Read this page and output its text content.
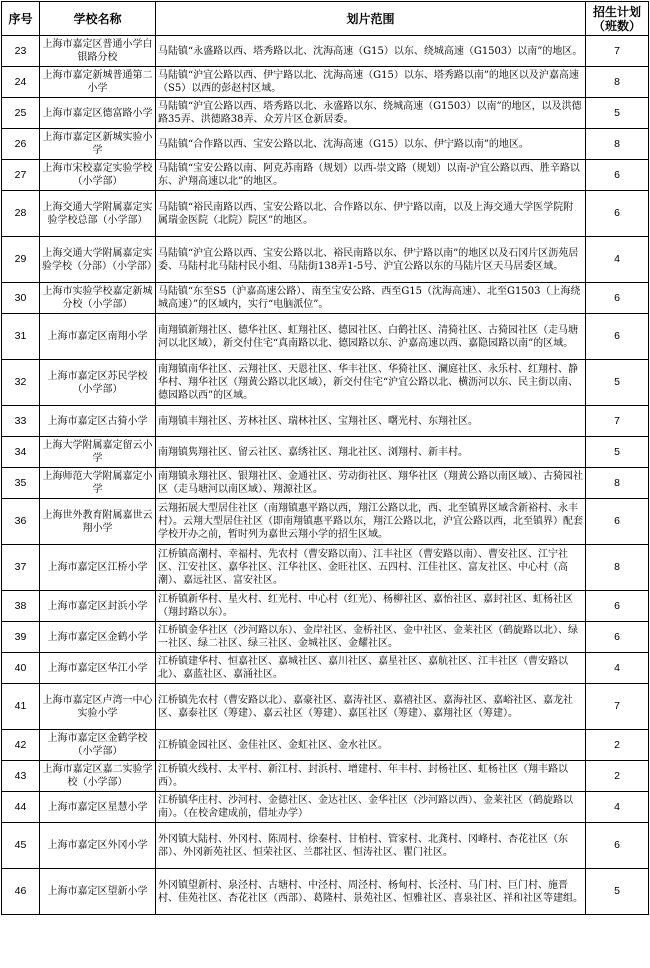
序号	学校名称	划片范围	招生计划（班数）
23	上海市嘉定区普通小学白银路分校	马陆镇“永盛路以西、塔秀路以北、沈海高速（G15）以东、绕城高速（G1503）以南”的地区。	7
24	上海市嘉定新城普通第二小学	马陆镇“沪宜公路以西、伊宁路以北、沈海高速（G15）以东、塔秀路以南”的地区以及沪嘉高速（S5）以西的彭赵村区域。	8
25	上海市嘉定区德富路小学	马陆镇“沪宜公路以西、塔秀路以北、永盛路以东、绕城高速（G1503）以南”的地区，以及洪德路35弄、洪德路38弄、众芳片区仓新居委。	5
26	上海市嘉定区新城实验小学	马陆镇“合作路以西、宝安公路以北、沈海高速（G15）以东、伊宁路以南”的地区。	8
27	上海市宋校嘉定实验学校（小学部）	马陆镇“宝安公路以南、阿克苏南路（规划）以西-崇文路（规划）以南-沪宜公路以西、胜辛路以东、沪翔高速以北”的地区。	6
28	上海交通大学附属嘉定实验学校总部（小学部）	马陆镇“裕民南路以西、宝安公路以北、合作路以东、伊宁路以南，以及上海交通大学医学院附属瑞金医院（北院）院区”的地区。	6
29	上海交通大学附属嘉定实验学校（分部）（小学部）	马陆镇“沪宜公路以西、宝安公路以北、裕民南路以东、伊宁路以南”的地区以及石冈片区沥苑居委、马陆村北马陆村民小组、马陆街138弄1-5号、沪宜公路以东的马陆片区天马居委区域。	4
30	上海市实验学校嘉定新城分校（小学部）	马陆镇“东至S5（沪嘉高速公路）、南至宝安公路、西至G15（沈海高速）、北至G1503（上海绕城高速）”的区域内，实行“电脑派位”。	6
31	上海市嘉定区南翔小学	南翔镇新翔社区、德华社区、虹翔社区、德园社区、白鹤社区、清猗社区、古猗园社区（走马塘河以北区域），新交付住宅“真南路以北、德园路以东、沪嘉高速以西、嘉隐园路以南”的区域。	6
32	上海市嘉定区苏民学校（小学部）	南翔镇南华社区、云翔社区、天恩社区、华丰社区、华猗社区、澜庭社区、永乐村、红翔村、静华村、翔华社区（翔黄公路以北区域），新交付住宅“沪宜公路以北、横沥河以东、民主街以南、德园路以西”的区域。	5
33	上海市嘉定区古猗小学	南翔镇丰翔社区、芳林社区、瑞林社区、宝翔社区、曙光村、东翔社区。	7
34	上海大学附属嘉定留云小学	南翔镇隽翔社区、留云社区、嘉绣社区、翔北社区、浏翔村、新丰村。	5
35	上海师范大学附属嘉定小学	南翔镇永翔社区、银翔社区、金通社区、劳动街社区、翔华社区（翔黄公路以南区域）、古猗园社区（走马塘河以南区域）、翔源社区。	8
36	上海世外教育附属嘉世云翔小学	云翔拓展大型居住社区（南翔镇惠平路以西，翔江公路以北，西、北至镇界区域含新裕村、永丰村）。云翔大型居住社区（即南翔镇惠平路以东，翔江公路以北，沪宜公路以西，北至镇界）配套学校开办之前，暂时列为嘉世云翔小学的招生区域。	6
37	上海市嘉定区江桥小学	江桥镇高潮村、幸福村、先农村（曹安路以南）、江丰社区（曹安路以南）、曹安社区、江宁社区、江安社区、嘉华社区、江华社区、金旺社区、五四村、江佳社区、富友社区、中心村（高潮）、嘉远社区、富安社区。	8
38	上海市嘉定区封浜小学	江桥镇新华村、星火村、红光村、中心村（红光）、杨柳社区、嘉怡社区、嘉封社区、虹杨社区（翔封路以东）。	6
39	上海市嘉定区金鹤小学	江桥镇金华社区（沙河路以东）、金岸社区、金桥社区、金中社区、金莱社区（鹤旋路以北）、绿一社区、绿二社区、绿三社区、金城社区、金耀社区。	6
40	上海市嘉定区华江小学	江桥镇建华村、恒嘉社区、嘉城社区、嘉川社区、嘉星社区、嘉航社区、江丰社区（曹安路以北）、嘉蓝社区、嘉涌社区。	4
41	上海市嘉定区卢湾一中心实验小学	江桥镇先农村（曹安路以北）、嘉豪社区、嘉涛社区、嘉禧社区、嘉海社区、嘉峪社区、嘉龙社区、嘉泰社区（筹建）、嘉云社区（筹建）、嘉匡社区（筹建）、嘉翔社区（筹建）。	7
42	上海市嘉定区金鹤学校（小学部）	江桥镇金园社区、金佳社区、金虹社区、金水社区。	2
43	上海市嘉定区嘉二实验学校（小学部）	江桥镇火线村、太平村、新江村、封浜村、增建村、年丰村、封杨社区、虹杨社区（翔丰路以西）。	2
44	上海市嘉定区星慧小学	江桥镇华庄村、沙河村、金德社区、金达社区、金华社区（沙河路以西）、金莱社区（鹤旋路以南）。（在校舍建成前，借址办学）	4
45	上海市嘉定区外冈小学	外冈镇大陆村、外冈村、陈周村、徐秦村、甘柏村、管家村、北龚村、冈峰村、杏花社区（东部）、外冈新苑社区、恒荣社区、兰郡社区、恒涛社区、瞿门社区。	6
46	上海市嘉定区望新小学	外冈镇望新村、泉泾村、古塘村、中泾村、周泾村、杨甸村、长泾村、马门村、巨门村、施晋村、佳苑社区、杏花社区（西部）、葛隆村、景苑社区、恒雅社区、喜泉社区、祥和社区等建组。	5
